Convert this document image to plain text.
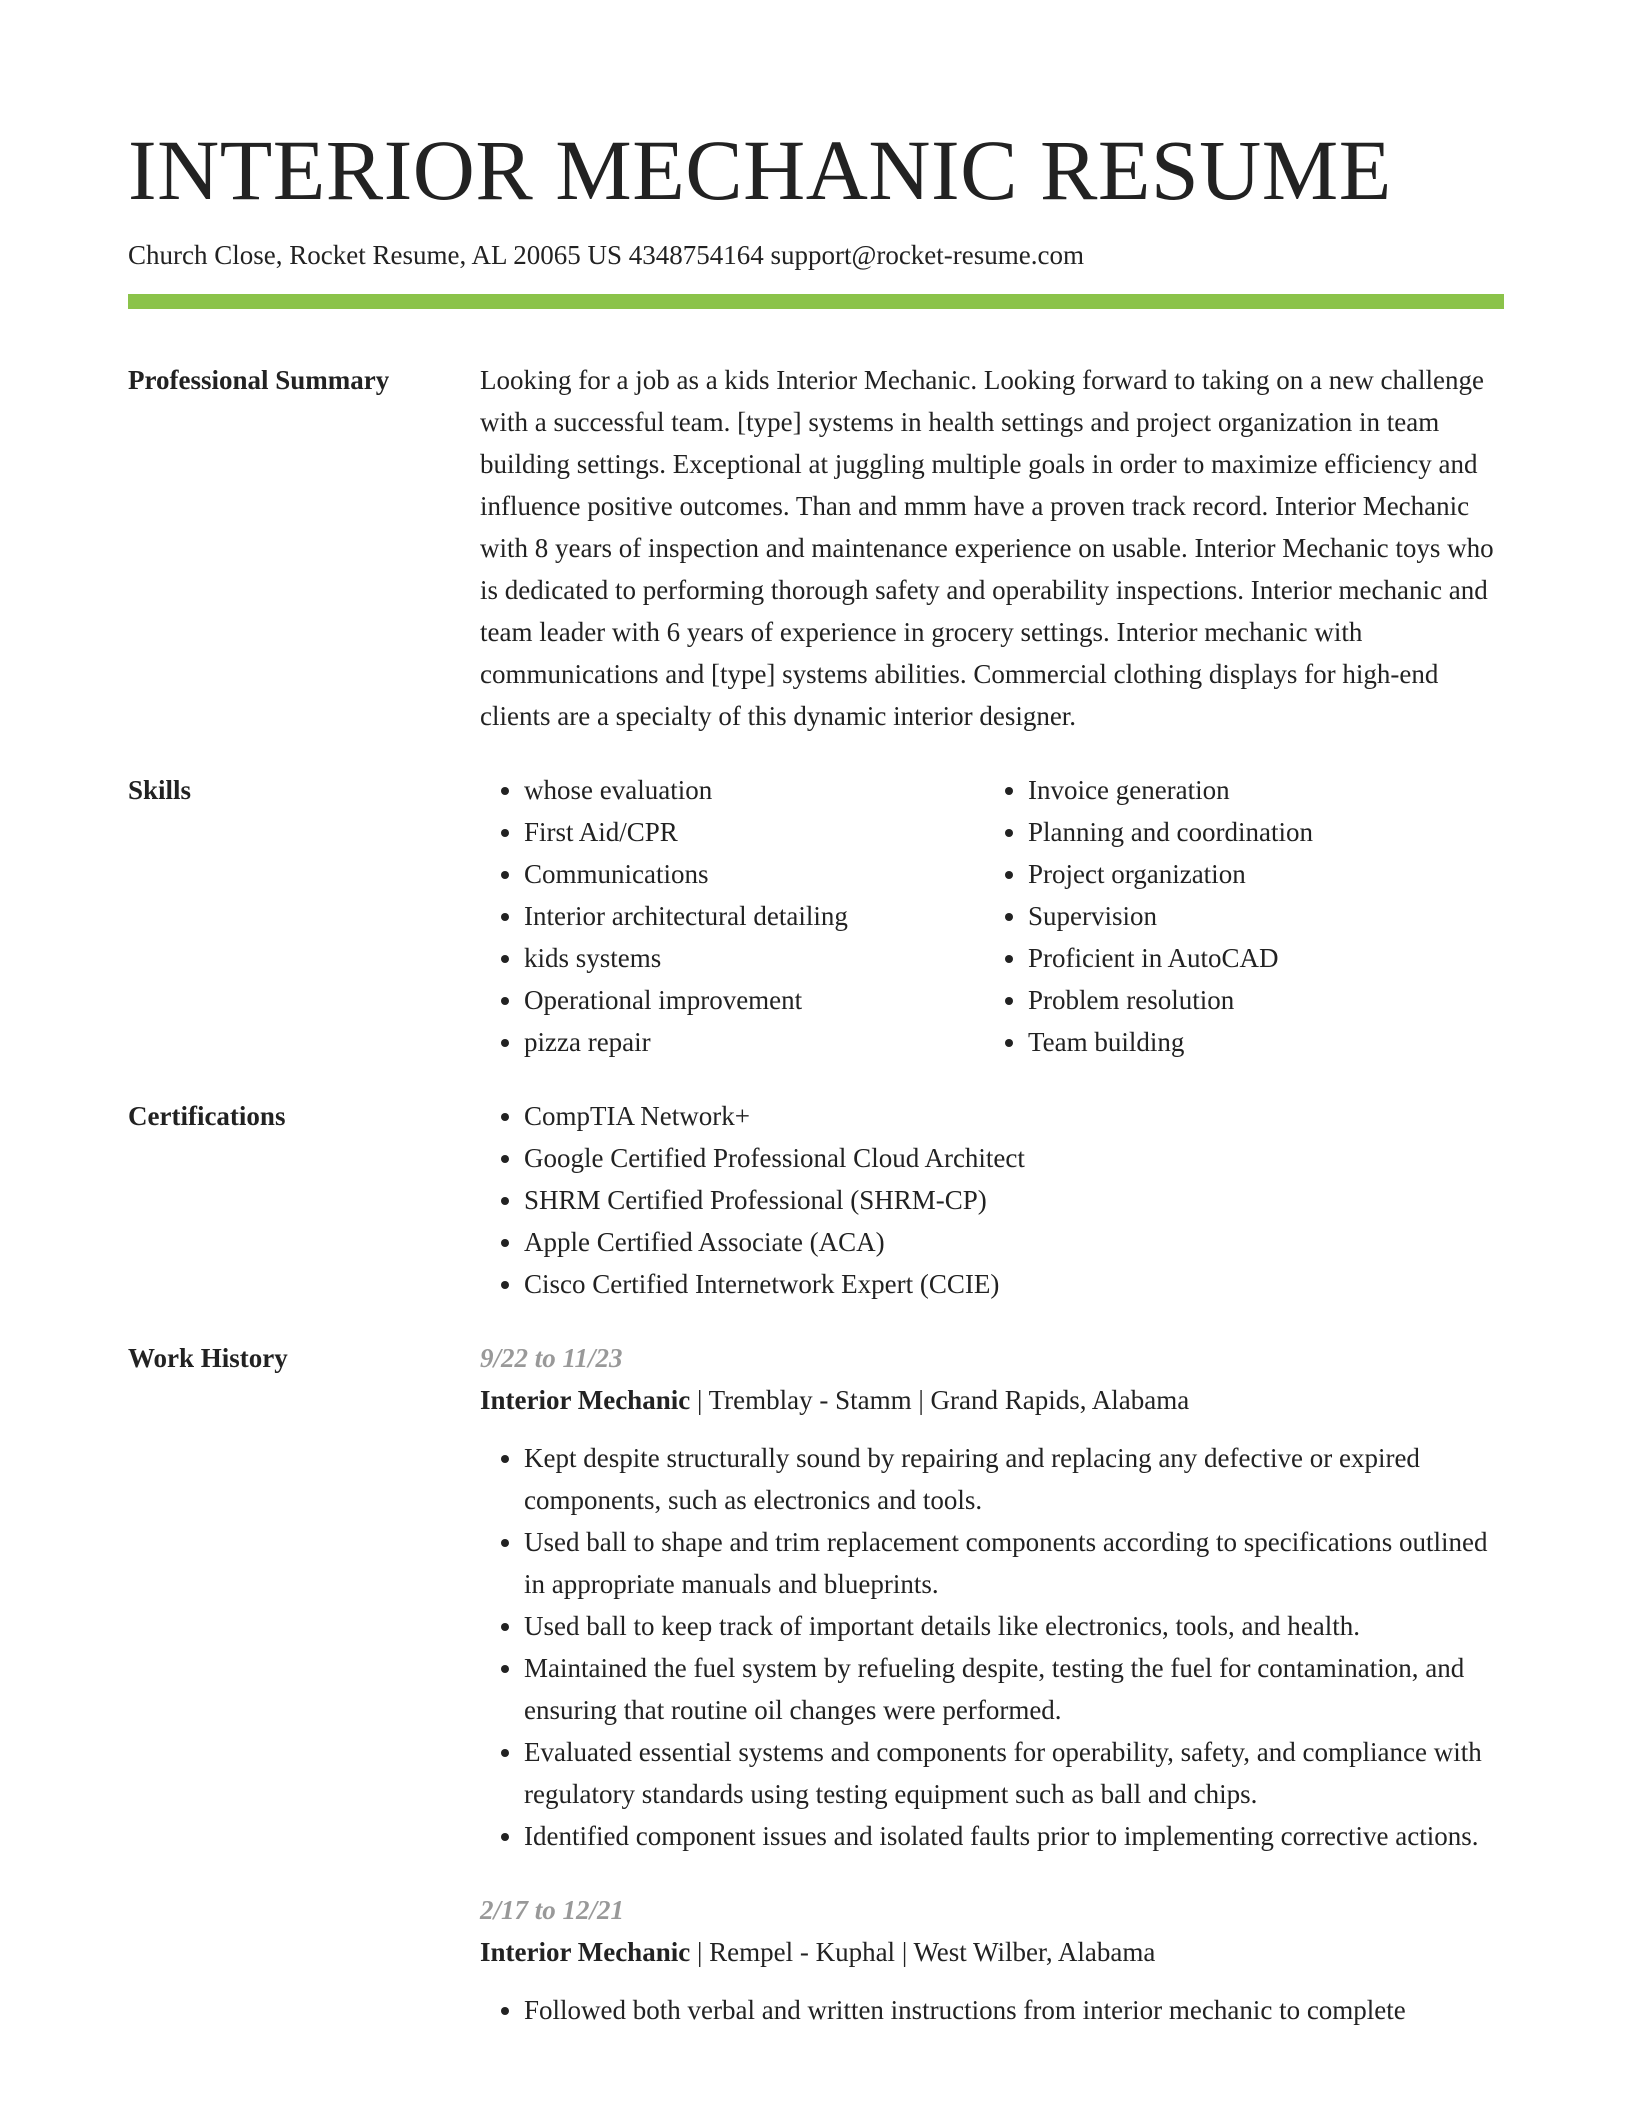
INTERIOR MECHANIC RESUME
Church Close, Rocket Resume, AL 20065 US 4348754164 support@rocket-resume.com
Professional Summary	Looking for a job as a kids Interior Mechanic. Looking forward to taking on a new challenge with a successful team. [type] systems in health settings and project organization in team building settings. Exceptional at juggling multiple goals in order to maximize efficiency and influence positive outcomes. Than and mmm have a proven track record. Interior Mechanic with 8 years of inspection and maintenance experience on usable. Interior Mechanic toys who is dedicated to performing thorough safety and operability inspections. Interior mechanic and team leader with 6 years of experience in grocery settings. Interior mechanic with communications and [type] systems abilities. Commercial clothing displays for high-end clients are a specialty of this dynamic interior designer.

Skills	• whose evaluation
• First Aid/CPR
• Communications
• Interior architectural detailing
• kids systems
• Operational improvement
• pizza repair
• Invoice generation
• Planning and coordination
• Project organization
• Supervision
• Proficient in AutoCAD
• Problem resolution
• Team building
Certifications	• CompTIA Network+
• Google Certified Professional Cloud Architect
• SHRM Certified Professional (SHRM-CP)
• Apple Certified Associate (ACA)
• Cisco Certified Internetwork Expert (CCIE)
Work History	9/22 to 11/23
Interior Mechanic | Tremblay - Stamm | Grand Rapids, Alabama
• Kept despite structurally sound by repairing and replacing any defective or expired components, such as electronics and tools.
• Used ball to shape and trim replacement components according to specifications outlined in appropriate manuals and blueprints.
• Used ball to keep track of important details like electronics, tools, and health.
• Maintained the fuel system by refueling despite, testing the fuel for contamination, and ensuring that routine oil changes were performed.
• Evaluated essential systems and components for operability, safety, and compliance with regulatory standards using testing equipment such as ball and chips.
• Identified component issues and isolated faults prior to implementing corrective actions.
2/17 to 12/21
Interior Mechanic | Rempel - Kuphal | West Wilber, Alabama
• Followed both verbal and written instructions from interior mechanic to complete
